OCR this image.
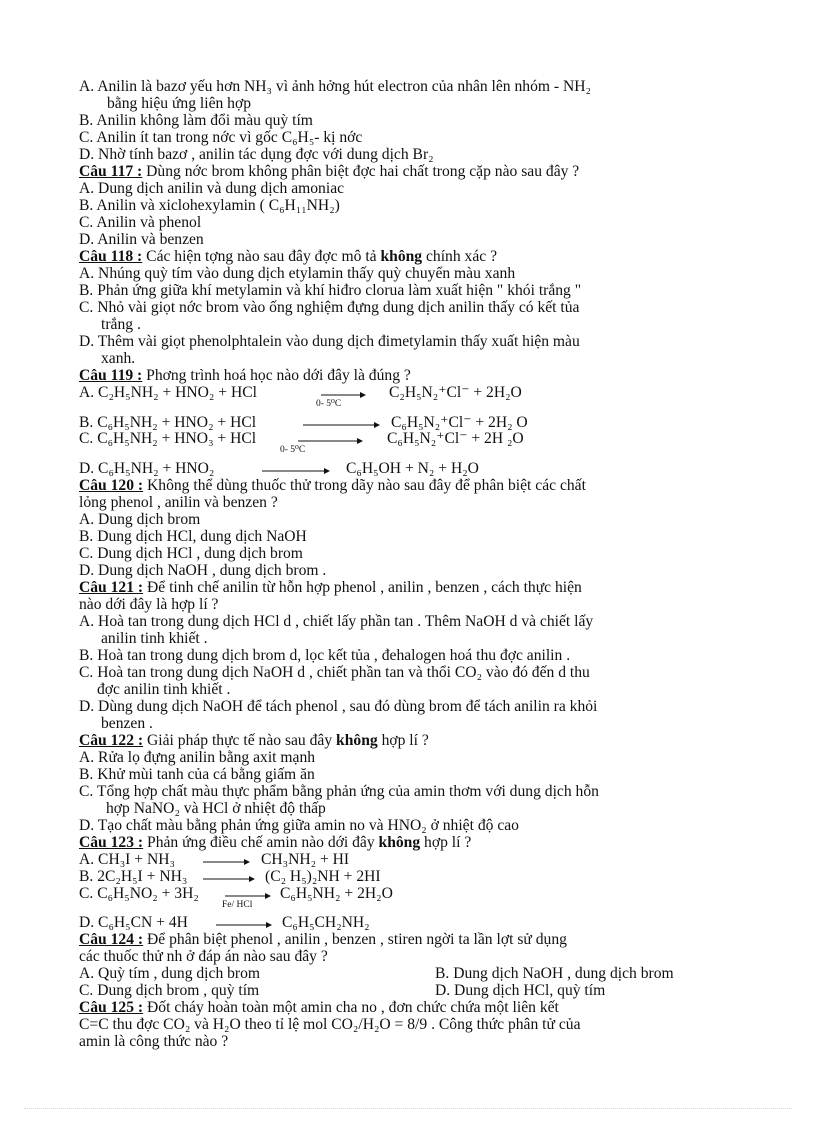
A. Anilin là bazơ yếu hơn NH₃ vì ảnh hởng hút electron của nhân lên nhóm - NH₂
bằng hiệu ứng liên hợp
B. Anilin không làm đổi màu quỳ tím
C. Anilin ít tan trong nớc vì gốc C₆H₅- kị nớc
D. Nhờ tính bazơ , anilin tác dụng đợc với dung dịch Br₂
Câu 117 : Dùng nớc brom không phân biệt đợc hai chất trong cặp nào sau đây ?
A. Dung dịch anilin và dung dịch amoniac
B. Anilin và xiclohexylamin ( C₆H₁₁NH₂)
C. Anilin và phenol
D. Anilin và benzen
Câu 118 : Các hiện tợng nào sau đây đợc mô tả không chính xác ?
A. Nhúng quỳ tím vào dung dịch etylamin thấy quỳ chuyển màu xanh
B. Phản ứng giữa khí metylamin và khí hiđro clorua làm xuất hiện " khói trắng "
C. Nhỏ vài giọt nớc brom vào ống nghiệm đựng dung dịch anilin thấy có kết tủa
trắng .
D. Thêm vài giọt phenolphtalein vào dung dịch đimetylamin thấy xuất hiện màu
xanh.
Câu 119 : Phơng trình hoá học nào dới đây là đúng ?
A. C₂H₅NH₂ + HNO₂ + HCl	C₂H₅N₂⁺Cl⁻ + 2H₂O
0- 5⁰C
B. C₆H₅NH₂ + HNO₂ + HCl	C₆H₅N₂⁺Cl⁻ + 2H₂ O
C. C₆H₅NH₂ + HNO₃ + HCl	C₆H₅N₂⁺Cl⁻ + 2H ₂O
0- 5⁰C
D. C₆H₅NH₂ + HNO₂	C₆H₅OH + N₂ + H₂O
Câu 120 : Không thể dùng thuốc thử trong dãy nào sau đây để phân biệt các chất
lỏng phenol , anilin và benzen ?
A. Dung dịch brom
B. Dung dịch HCl, dung dịch NaOH
C. Dung dịch HCl , dung dịch brom
D. Dung dịch NaOH , dung dịch brom .
Câu 121 : Để tinh chế anilin từ hỗn hợp phenol , anilin , benzen , cách thực hiện
nào dới đây là hợp lí ?
A. Hoà tan trong dung dịch HCl d , chiết lấy phần tan . Thêm NaOH d và chiết lấy
anilin tinh khiết .
B. Hoà tan trong dung dịch brom d, lọc kết tủa , đehalogen hoá thu đợc anilin .
C. Hoà tan trong dung dịch NaOH d , chiết phần tan và thổi CO₂ vào đó đến d thu
đợc anilin tinh khiết .
D. Dùng dung dịch NaOH để tách phenol , sau đó dùng brom để tách anilin ra khỏi
benzen .
Câu 122 : Giải pháp thực tế nào sau đây không hợp lí ?
A. Rửa lọ đựng anilin bằng axit mạnh
B. Khử mùi tanh của cá bằng giấm ăn
C. Tổng hợp chất màu thực phẩm bằng phản ứng của amin thơm với dung dịch hỗn
hợp NaNO₂ và HCl ở nhiệt độ thấp
D. Tạo chất màu bằng phản ứng giữa amin no và HNO₂ ở nhiệt độ cao
Câu 123 : Phản ứng điều chế amin nào dới đây không hợp lí ?
A. CH₃I + NH₃	CH₃NH₂ + HI
B. 2C₂H₅I + NH₃	(C₂ H₅)₂NH + 2HI
C. C₆H₅NO₂ + 3H₂	C₆H₅NH₂ + 2H₂O
Fe/ HCl
D. C₆H₅CN + 4H	C₆H₅CH₂NH₂
Câu 124 : Để phân biệt phenol , anilin , benzen , stiren ngời ta lần lợt sử dụng
các thuốc thử nh ở đáp án nào sau đây ?
A. Quỳ tím , dung dịch brom	B. Dung dịch NaOH , dung dịch brom
C. Dung dịch brom , quỳ tím	D. Dung dịch HCl, quỳ tím
Câu 125 : Đốt cháy hoàn toàn một amin cha no , đơn chức chứa một liên kết
C=C thu đợc CO₂ và H₂O theo tỉ lệ mol CO₂/H₂O = 8/9 . Công thức phân tử của
amin là công thức nào ?
